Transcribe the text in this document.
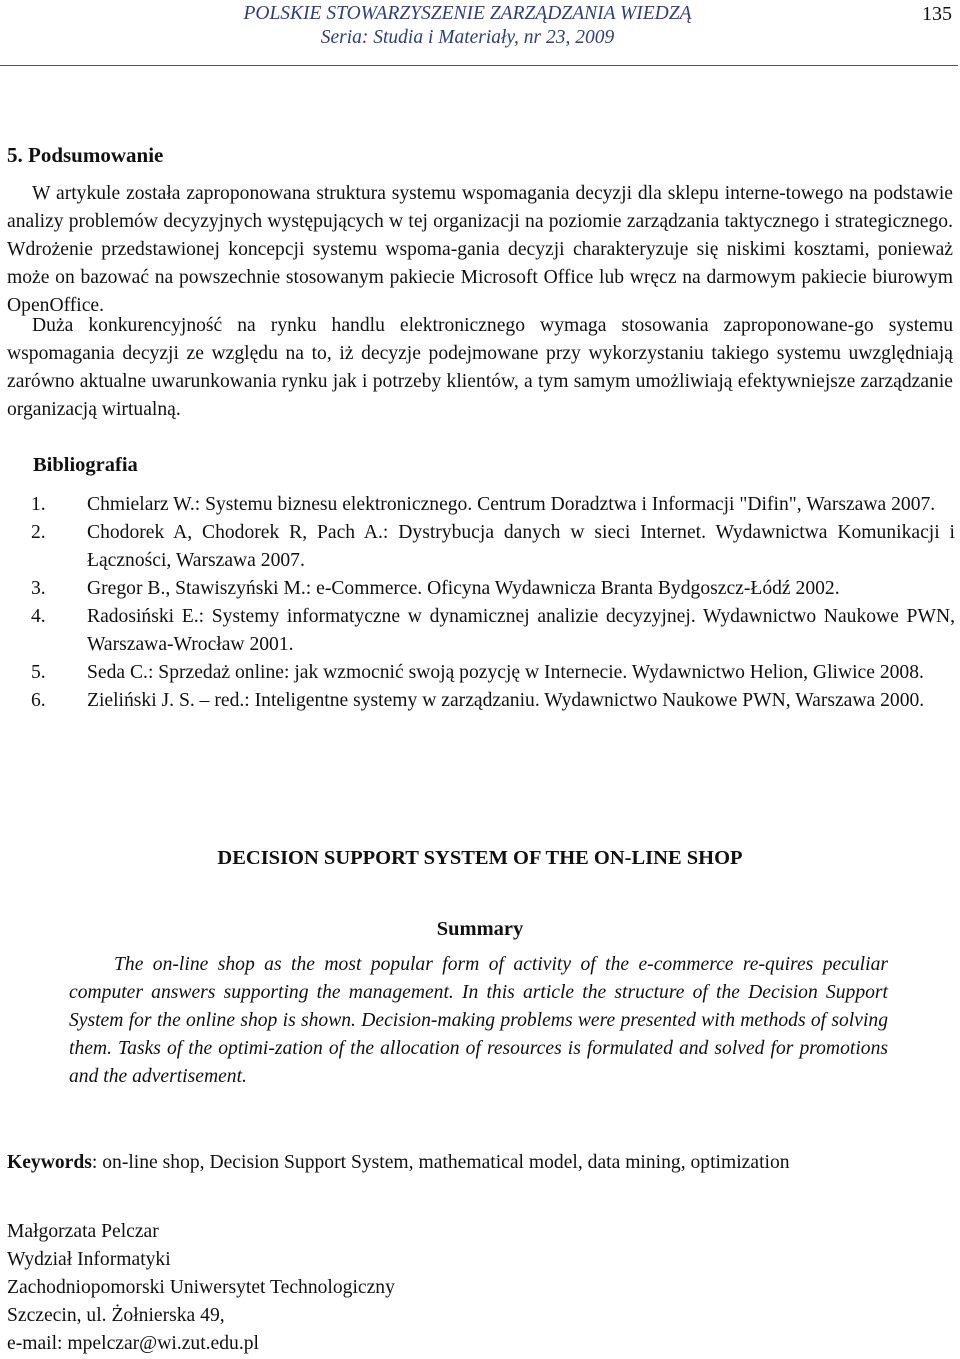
POLSKIE STOWARZYSZENIE ZARZĄDZANIA WIEDZĄ
Seria: Studia i Materiały, nr 23, 2009
135
5. Podsumowanie

W artykule została zaproponowana struktura systemu wspomagania decyzji dla sklepu interne-towego na podstawie analizy problemów decyzyjnych występujących w tej organizacji na poziomie zarządzania taktycznego i strategicznego. Wdrożenie przedstawionej koncepcji systemu wspoma-gania decyzji charakteryzuje się niskimi kosztami, ponieważ może on bazować na powszechnie stosowanym pakiecie Microsoft Office lub wręcz na darmowym pakiecie biurowym OpenOffice.

Duża konkurencyjność na rynku handlu elektronicznego wymaga stosowania zaproponowane-go systemu wspomagania decyzji ze względu na to, iż decyzje podejmowane przy wykorzystaniu takiego systemu uwzględniają zarówno aktualne uwarunkowania rynku jak i potrzeby klientów, a tym samym umożliwiają efektywniejsze zarządzanie organizacją wirtualną.

Bibliografia
1. Chmielarz W.: Systemu biznesu elektronicznego. Centrum Doradztwa i Informacji "Difin", Warszawa 2007.
2. Chodorek A, Chodorek R, Pach A.: Dystrybucja danych w sieci Internet. Wydawnictwa Komunikacji i Łączności, Warszawa 2007.
3. Gregor B., Stawiszyński M.: e-Commerce. Oficyna Wydawnicza Branta Bydgoszcz-Łódź 2002.
4. Radosiński E.: Systemy informatyczne w dynamicznej analizie decyzyjnej. Wydawnictwo Naukowe PWN, Warszawa-Wrocław 2001.
5. Seda C.: Sprzedaż online: jak wzmocnić swoją pozycję w Internecie. Wydawnictwo Helion, Gliwice 2008.
6. Zieliński J. S. – red.: Inteligentne systemy w zarządzaniu. Wydawnictwo Naukowe PWN, Warszawa 2000.
DECISION SUPPORT SYSTEM OF THE ON-LINE SHOP
Summary

The on-line shop as the most popular form of activity of the e-commerce re-quires peculiar computer answers supporting the management. In this article the structure of the Decision Support System for the online shop is shown. Decision-making problems were presented with methods of solving them. Tasks of the optimi-zation of the allocation of resources is formulated and solved for promotions and the advertisement.

Keywords: on-line shop, Decision Support System, mathematical model, data mining, optimization

Małgorzata Pelczar
Wydział Informatyki
Zachodniopomorski Uniwersytet Technologiczny
Szczecin, ul. Żołnierska 49,
e-mail: mpelczar@wi.zut.edu.pl
